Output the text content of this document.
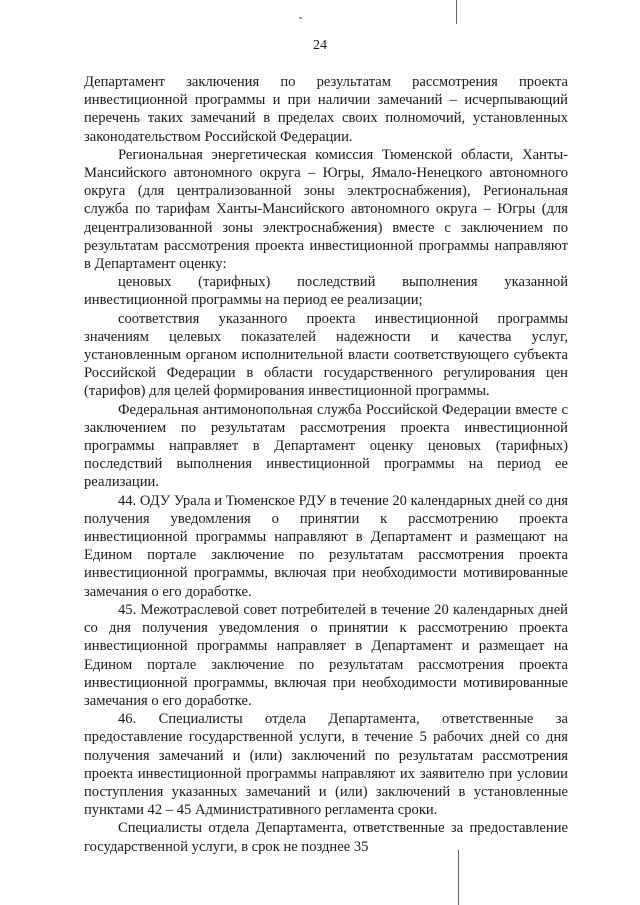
24

Департамент заключения по результатам рассмотрения проекта инвестиционной программы и при наличии замечаний – исчерпывающий перечень таких замечаний в пределах своих полномочий, установленных законодательством Российской Федерации.

Региональная энергетическая комиссия Тюменской области, Ханты-Мансийского автономного округа – Югры, Ямало-Ненецкого автономного округа (для централизованной зоны электроснабжения), Региональная служба по тарифам Ханты-Мансийского автономного округа – Югры (для децентрализованной зоны электроснабжения) вместе с заключением по результатам рассмотрения проекта инвестиционной программы направляют в Департамент оценку:

ценовых (тарифных) последствий выполнения указанной инвестиционной программы на период ее реализации;

соответствия указанного проекта инвестиционной программы значениям целевых показателей надежности и качества услуг, установленным органом исполнительной власти соответствующего субъекта Российской Федерации в области государственного регулирования цен (тарифов) для целей формирования инвестиционной программы.

Федеральная антимонопольная служба Российской Федерации вместе с заключением по результатам рассмотрения проекта инвестиционной программы направляет в Департамент оценку ценовых (тарифных) последствий выполнения инвестиционной программы на период ее реализации.

44. ОДУ Урала и Тюменское РДУ в течение 20 календарных дней со дня получения уведомления о принятии к рассмотрению проекта инвестиционной программы направляют в Департамент и размещают на Едином портале заключение по результатам рассмотрения проекта инвестиционной программы, включая при необходимости мотивированные замечания о его доработке.

45. Межотраслевой совет потребителей в течение 20 календарных дней со дня получения уведомления о принятии к рассмотрению проекта инвестиционной программы направляет в Департамент и размещает на Едином портале заключение по результатам рассмотрения проекта инвестиционной программы, включая при необходимости мотивированные замечания о его доработке.

46. Специалисты отдела Департамента, ответственные за предоставление государственной услуги, в течение 5 рабочих дней со дня получения замечаний и (или) заключений по результатам рассмотрения проекта инвестиционной программы направляют их заявителю при условии поступления указанных замечаний и (или) заключений в установленные пунктами 42 – 45 Административного регламента сроки.

Специалисты отдела Департамента, ответственные за предоставление государственной услуги, в срок не позднее 35
